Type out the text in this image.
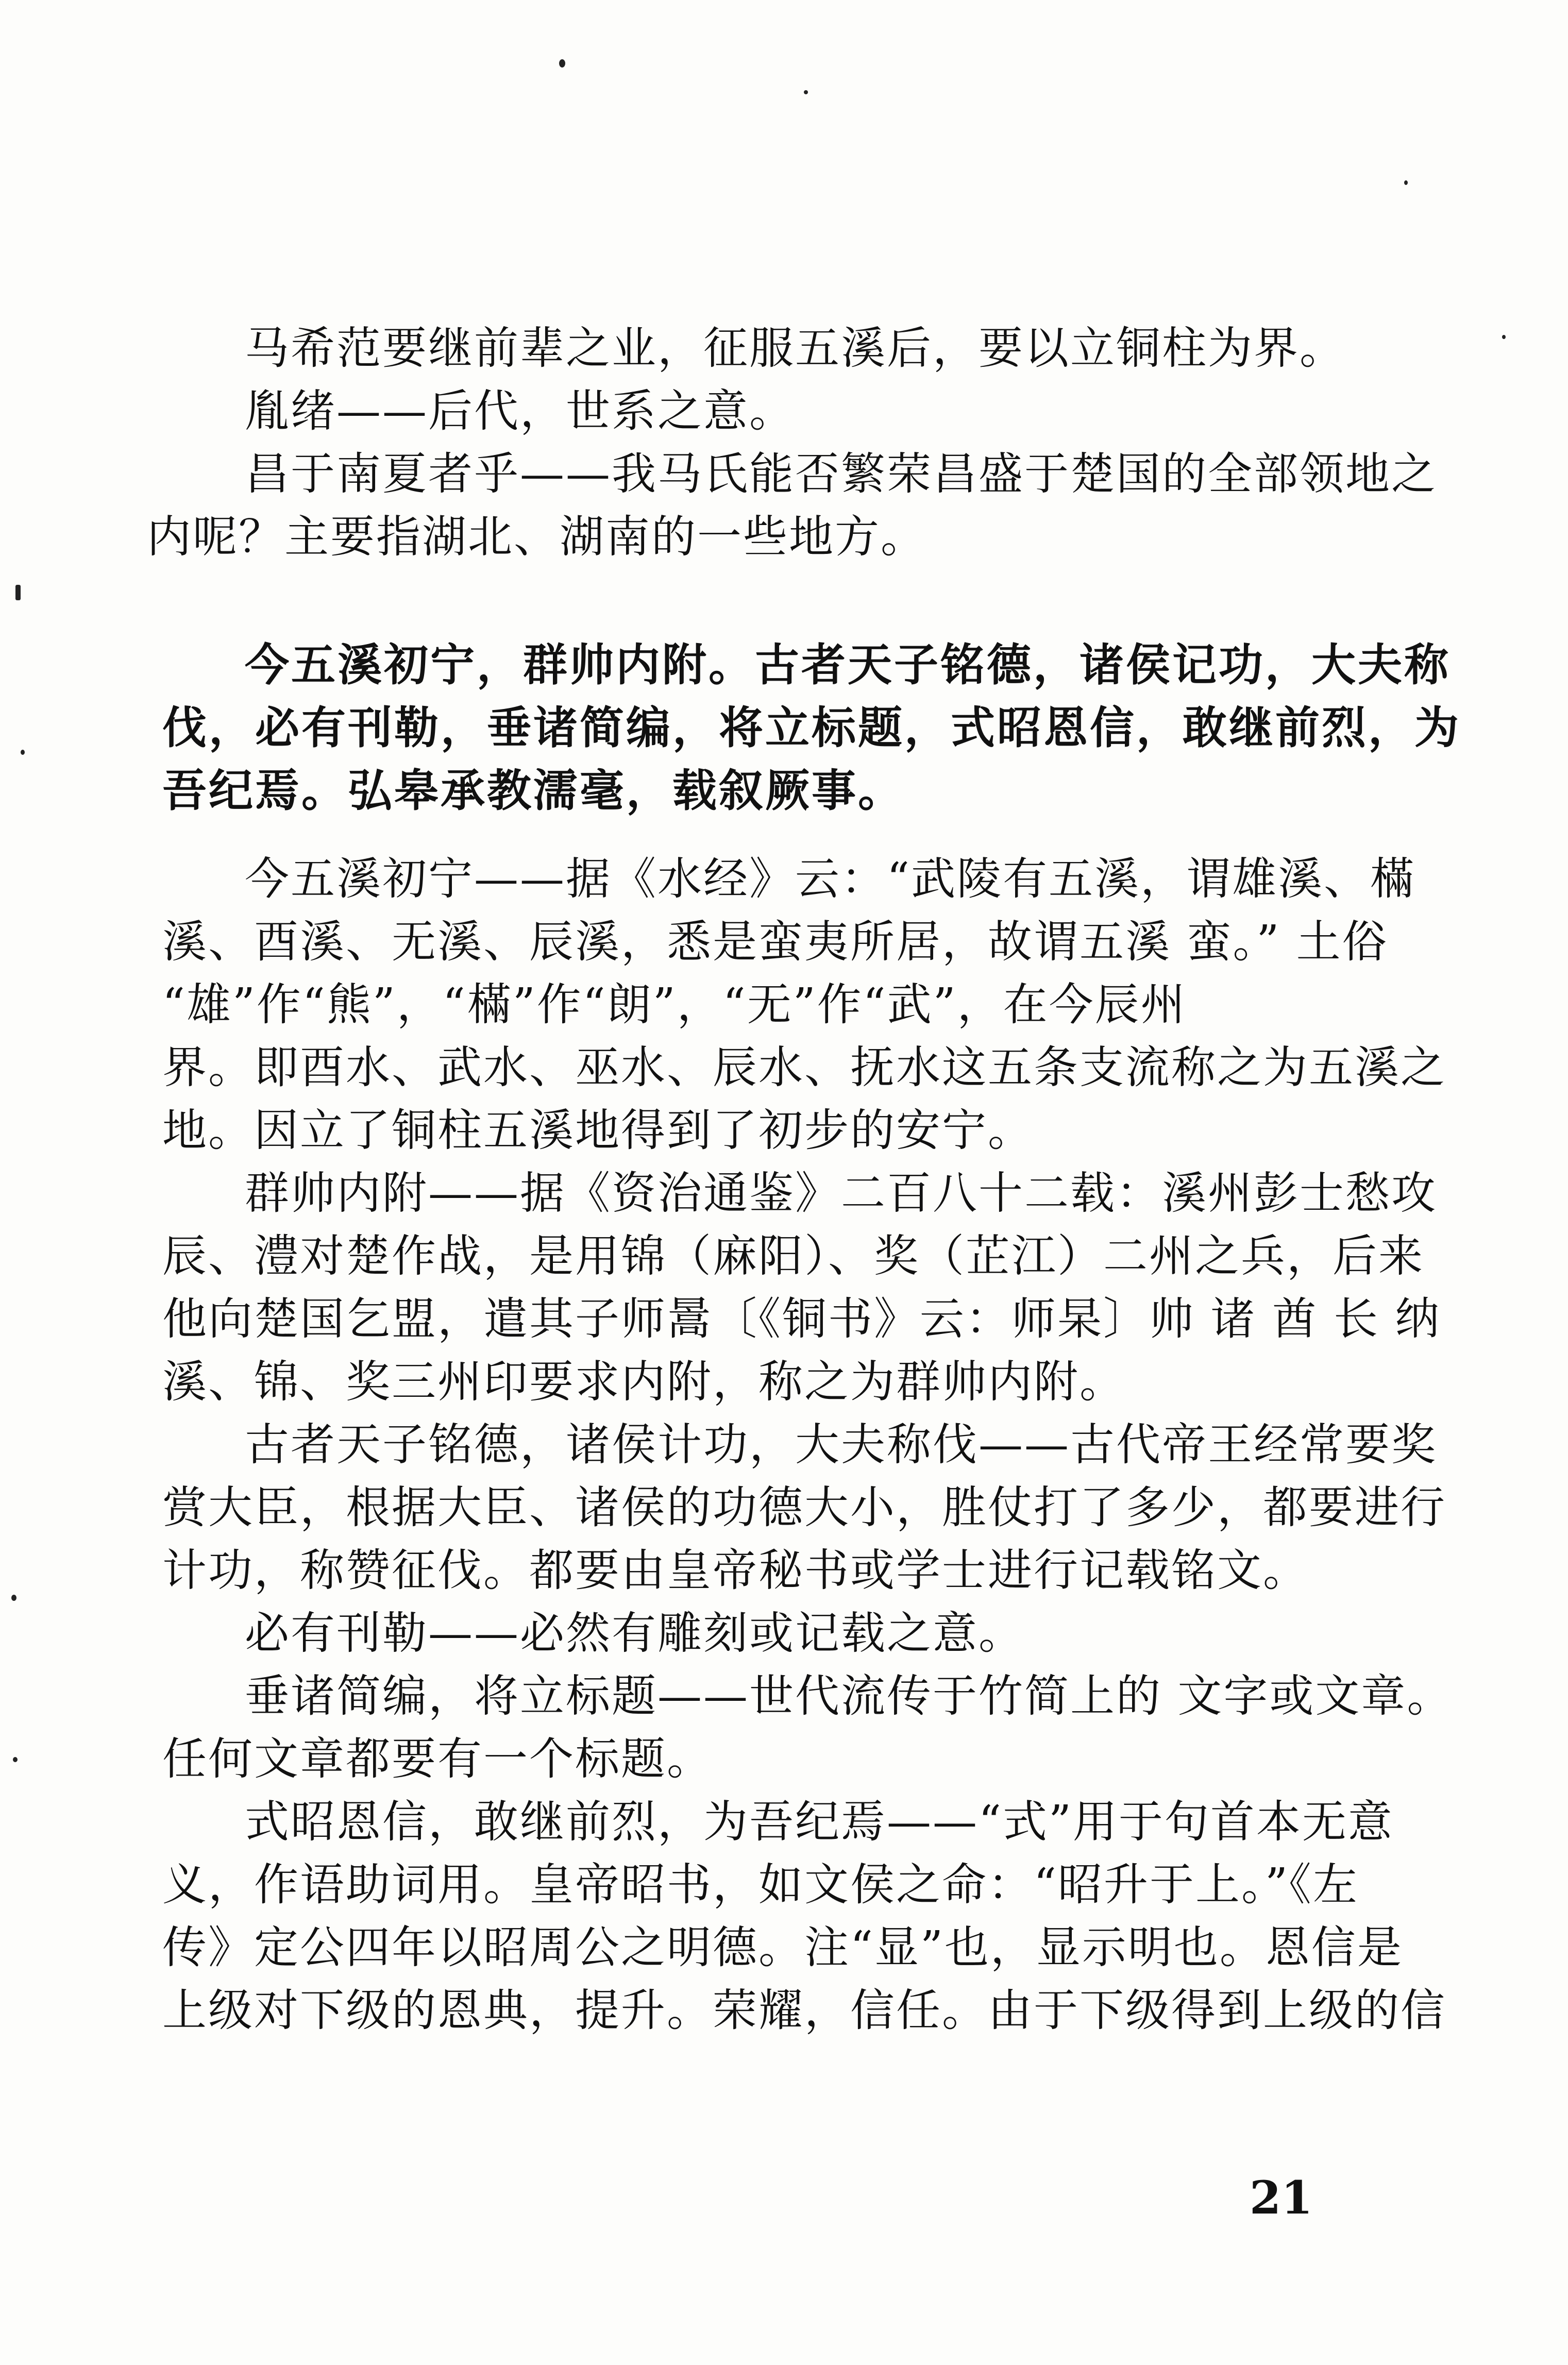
马希范要继前辈之业，征服五溪后，要以立铜柱为界。
胤绪——后代，世系之意。
昌于南夏者乎——我马氏能否繁荣昌盛于楚国的全部领地之
内呢？主要指湖北、湖南的一些地方。
今五溪初宁，群帅内附。古者天子铭德，诸侯记功，大夫称
伐，必有刊勒，垂诸简编，将立标题，式昭恩信，敢继前烈，为
吾纪焉。弘皋承教濡毫，载叙厥事。
今五溪初宁——据《水经》云：“武陵有五溪，谓雄溪、樠
溪、酉溪、无溪、辰溪，悉是蛮夷所居，故谓五溪 蛮。” 土俗
“雄”作“熊”，“樠”作“朗”，“无”作“武”，在今辰州
界。即酉水、武水、巫水、辰水、抚水这五条支流称之为五溪之
地。因立了铜柱五溪地得到了初步的安宁。
群帅内附——据《资治通鉴》二百八十二载：溪州彭士愁攻
辰、澧对楚作战，是用锦（麻阳）、奖（芷江）二州之兵，后来
他向楚国乞盟，遣其子师暠〔《铜书》云：师杲〕帅 诸 酋 长 纳
溪、锦、奖三州印要求内附，称之为群帅内附。
古者天子铭德，诸侯计功，大夫称伐——古代帝王经常要奖
赏大臣，根据大臣、诸侯的功德大小，胜仗打了多少，都要进行
计功，称赞征伐。都要由皇帝秘书或学士进行记载铭文。
必有刊勒——必然有雕刻或记载之意。
垂诸简编，将立标题——世代流传于竹简上的 文字或文章。
任何文章都要有一个标题。
式昭恩信，敢继前烈，为吾纪焉——“式”用于句首本无意
义，作语助词用。皇帝昭书，如文侯之命：“昭升于上。”《左
传》定公四年以昭周公之明德。注“显”也，显示明也。恩信是
上级对下级的恩典，提升。荣耀，信任。由于下级得到上级的信
21
